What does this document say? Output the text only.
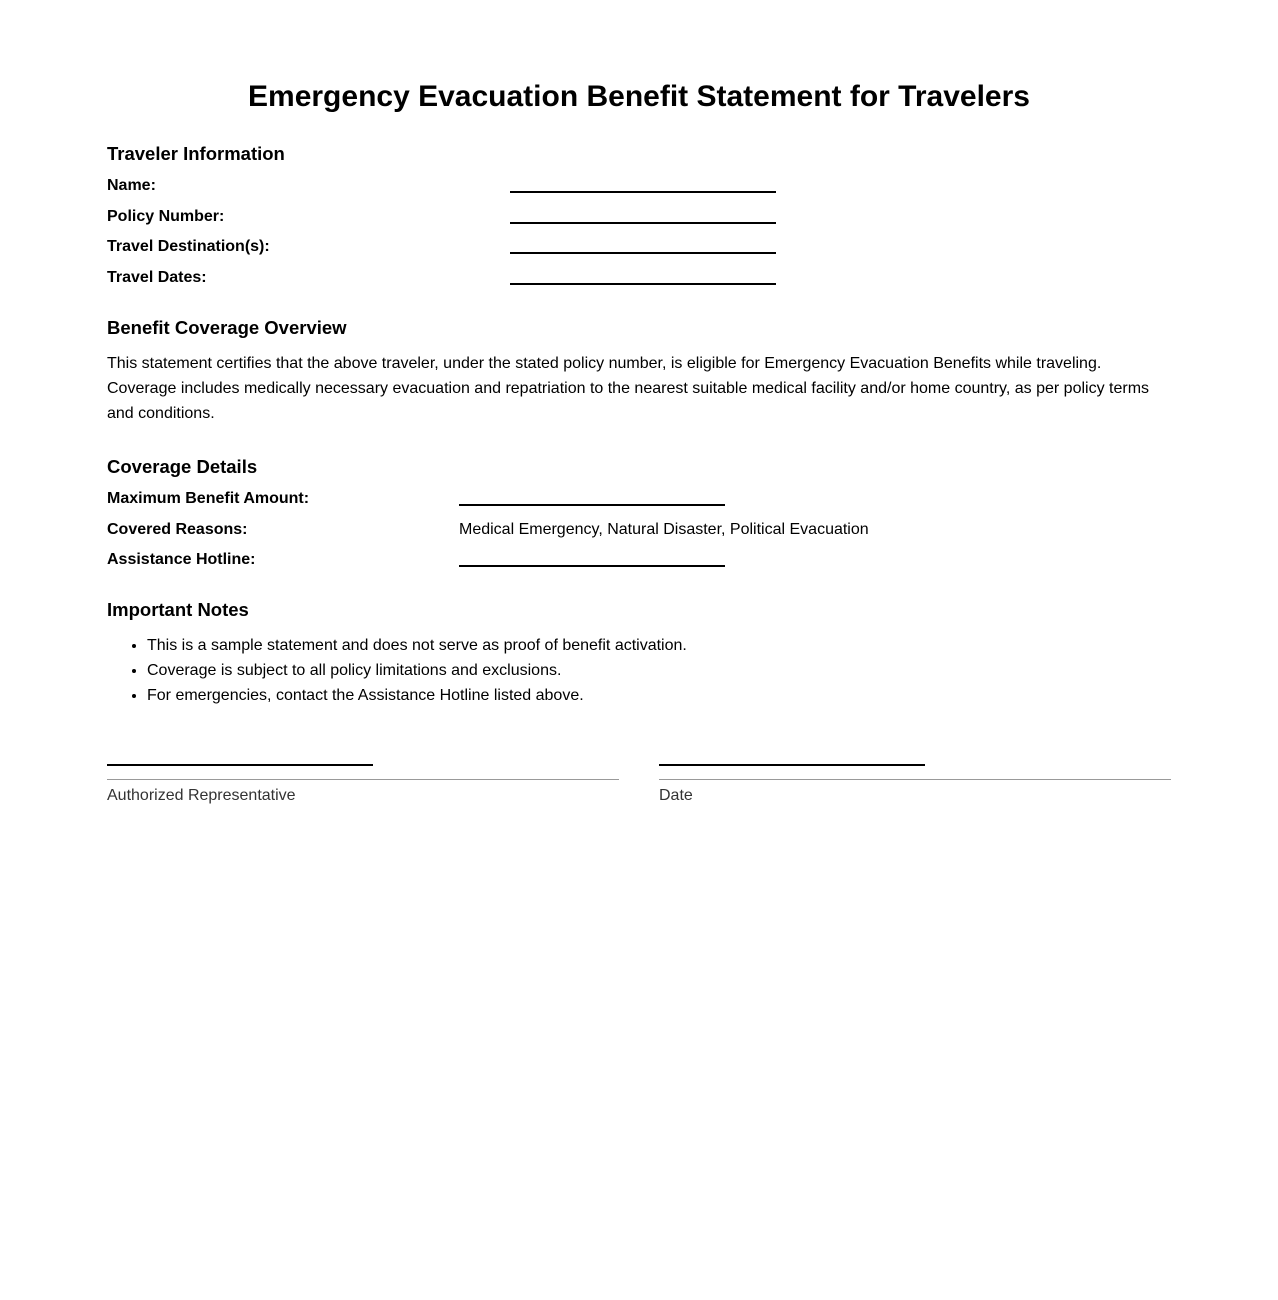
Emergency Evacuation Benefit Statement for Travelers
Traveler Information
Name:
Policy Number:
Travel Destination(s):
Travel Dates:
Benefit Coverage Overview

This statement certifies that the above traveler, under the stated policy number, is eligible for Emergency Evacuation Benefits while traveling. Coverage includes medically necessary evacuation and repatriation to the nearest suitable medical facility and/or home country, as per policy terms and conditions.

Coverage Details
Maximum Benefit Amount:
Covered Reasons:	Medical Emergency, Natural Disaster, Political Evacuation
Assistance Hotline:
Important Notes
• This is a sample statement and does not serve as proof of benefit activation.
• Coverage is subject to all policy limitations and exclusions.
• For emergencies, contact the Assistance Hotline listed above.
Authorized Representative	Date
